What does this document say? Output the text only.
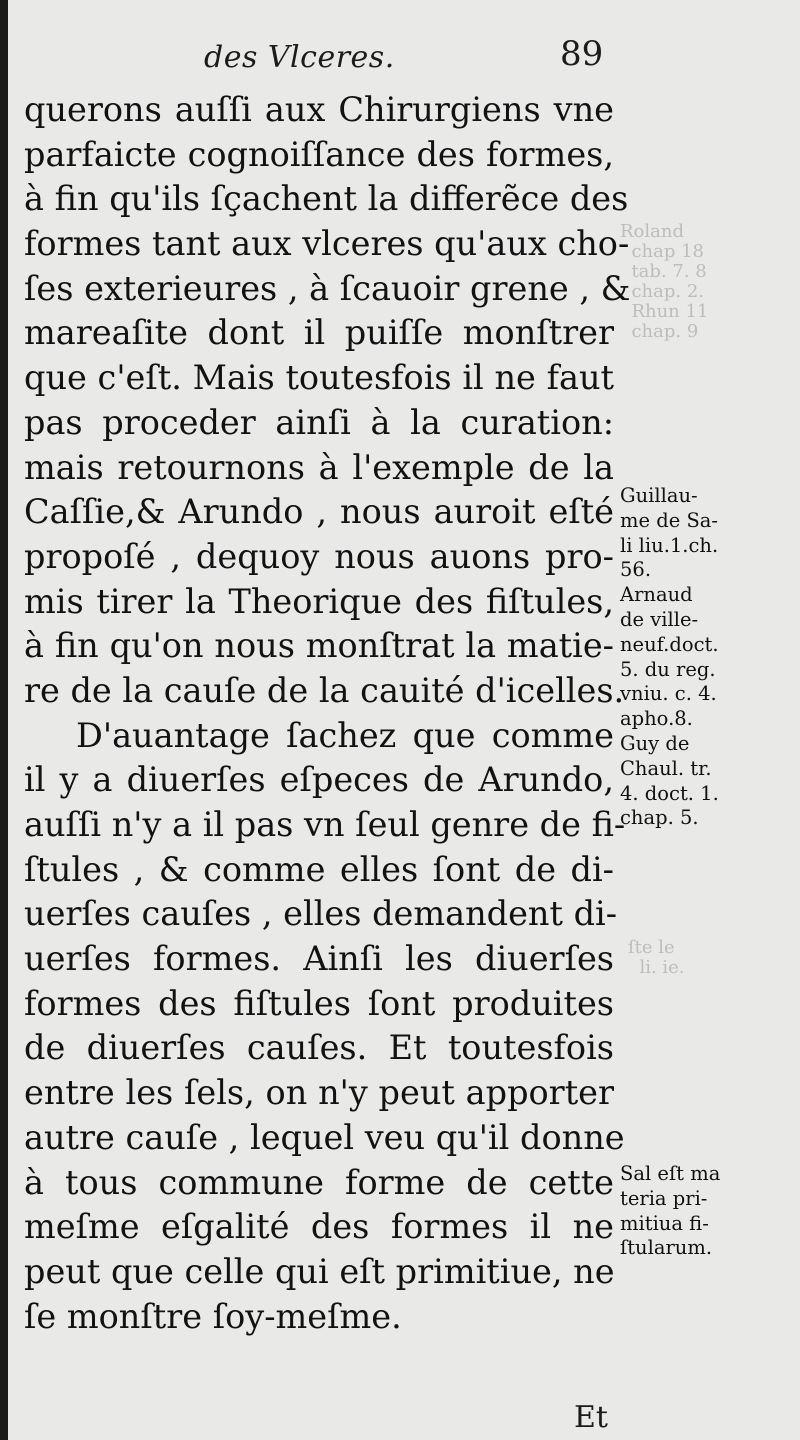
Roland
chap 18
tab. 7. 8
chap. 2.
Rhun 11
chap. 9
ſte le
li. ie.
des Vlceres.	89
querons auſſi aux Chirurgiens vne
parfaicte cognoiſſance des formes,
à fin qu'ils ſçachent la differẽce des
formes tant aux vlceres qu'aux cho-
ſes exterieures , à ſcauoir grene , &
mareaſite dont il puiſſe monſtrer
que c'eſt. Mais toutesfois il ne faut
pas proceder ainſi à la curation:
mais retournons à l'exemple de la
Caſſie,& Arundo , nous auroit eſté
propoſé , dequoy nous auons pro-
mis tirer la Theorique des fiſtules,
à fin qu'on nous monſtrat la matie-
re de la cauſe de la cauité d'icelles.
D'auantage ſachez que comme
il y a diuerſes eſpeces de Arundo,
auſſi n'y a il pas vn ſeul genre de fi-
ſtules , & comme elles ſont de di-
uerſes cauſes , elles demandent di-
uerſes formes. Ainſi les diuerſes
formes des fiſtules ſont produites
de diuerſes cauſes. Et toutesfois
entre les ſels, on n'y peut apporter
autre cauſe , lequel veu qu'il donne
à tous commune forme de cette
meſme eſgalité des formes il ne
peut que celle qui eſt primitiue, ne
ſe monſtre ſoy-meſme.
Guillau-
me de Sa-
li liu.1.ch.
56.
Arnaud
de ville-
neuf.doct.
5. du reg.
vniu. c. 4.
apho.8.
Guy de
Chaul. tr.
4. doct. 1.
chap. 5.
Sal eſt ma
teria pri-
mitiua fi-
ſtularum.
Et
